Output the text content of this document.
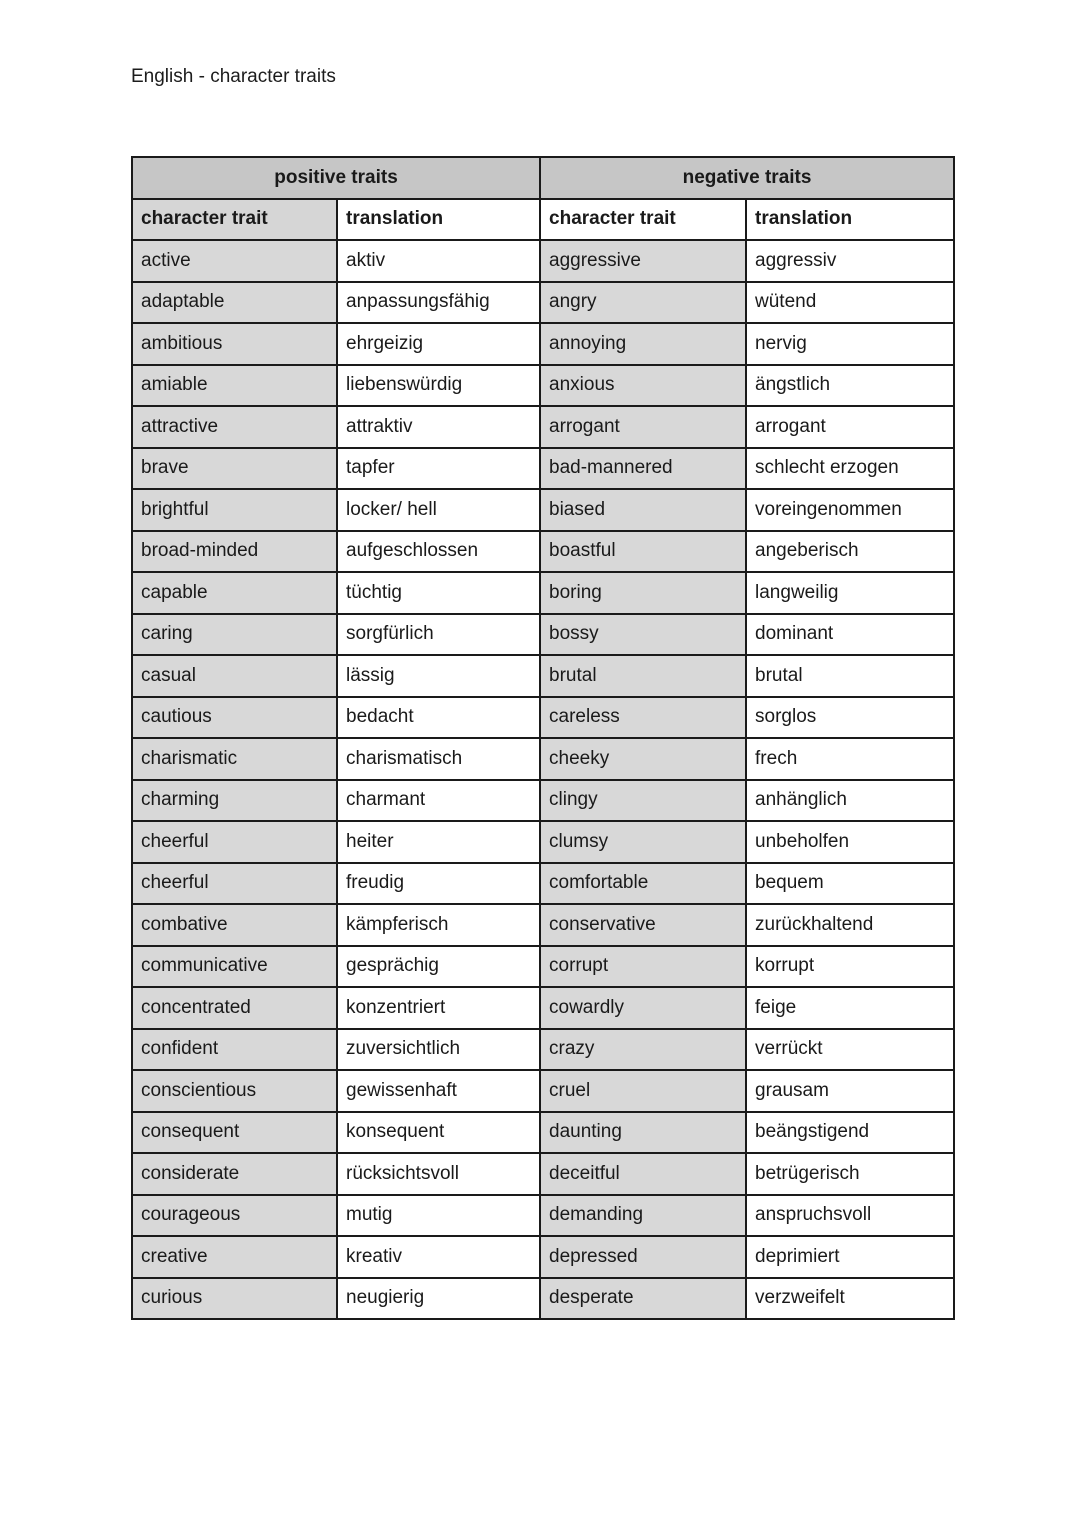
English - character traits
positive traits		negative traits	
character trait	translation	character trait	translation
active	aktiv	aggressive	aggressiv
adaptable	anpassungsfähig	angry	wütend
ambitious	ehrgeizig	annoying	nervig
amiable	liebenswürdig	anxious	ängstlich
attractive	attraktiv	arrogant	arrogant
brave	tapfer	bad-mannered	schlecht erzogen
brightful	locker/ hell	biased	voreingenommen
broad-minded	aufgeschlossen	boastful	angeberisch
capable	tüchtig	boring	langweilig
caring	sorgfürlich	bossy	dominant
casual	lässig	brutal	brutal
cautious	bedacht	careless	sorglos
charismatic	charismatisch	cheeky	frech
charming	charmant	clingy	anhänglich
cheerful	heiter	clumsy	unbeholfen
cheerful	freudig	comfortable	bequem
combative	kämpferisch	conservative	zurückhaltend
communicative	gesprächig	corrupt	korrupt
concentrated	konzentriert	cowardly	feige
confident	zuversichtlich	crazy	verrückt
conscientious	gewissenhaft	cruel	grausam
consequent	konsequent	daunting	beängstigend
considerate	rücksichtsvoll	deceitful	betrügerisch
courageous	mutig	demanding	anspruchsvoll
creative	kreativ	depressed	deprimiert
curious	neugierig	desperate	verzweifelt
